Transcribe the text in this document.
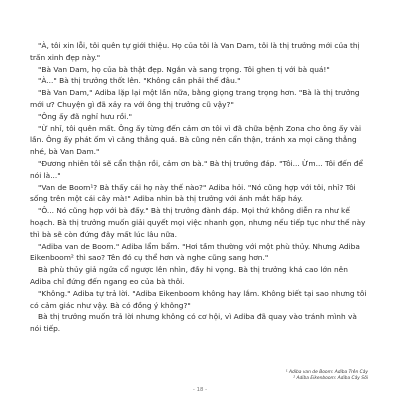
"À, tôi xin lỗi, tôi quên tự giới thiệu. Họ của tôi là Van Dam, tôi là thị trưởng mới của thị trấn xinh đẹp này."

"Bà Van Dam, họ của bà thật đẹp. Ngắn và sang trọng. Tôi ghen tị với bà quá!"

"À..." Bà thị trưởng thốt lên. "Không cần phải thế đâu."

"Bà Van Dam," Adiba lặp lại một lần nữa, bằng giọng trang trọng hơn. "Bà là thị trưởng mới ư? Chuyện gì đã xảy ra với ông thị trưởng cũ vậy?"

"Ông ấy đã nghỉ hưu rồi."

"Ừ nhỉ, tôi quên mất. Ông ấy từng đến cảm ơn tôi vì đã chữa bệnh Zona cho ông ấy vài lần. Ông ấy phát ốm vì căng thẳng quá. Bà cũng nên cẩn thận, tránh xa mọi căng thẳng nhé, bà Van Dam."

"Đương nhiên tôi sẽ cẩn thận rồi, cảm ơn bà." Bà thị trưởng đáp. "Tôi... Ừm... Tôi đến để nói là..."

"Van de Boom¹? Bà thấy cái họ này thế nào?" Adiba hỏi. "Nó cũng hợp với tôi, nhỉ? Tôi sống trên một cái cây mà!" Adiba nhìn bà thị trưởng với ánh mắt hấp háy.

"Ô... Nó cũng hợp với bà đấy." Bà thị trưởng đành đáp. Mọi thứ không diễn ra như kế hoạch. Bà thị trưởng muốn giải quyết mọi việc nhanh gọn, nhưng nếu tiếp tục như thế này thì bà sẽ còn đứng đây mất lúc lâu nữa.

"Adiba van de Boom." Adiba lẩm bẩm. "Hơi tầm thường với một phù thủy. Nhưng Adiba Eikenboom² thì sao? Tên đó cụ thể hơn và nghe cũng sang hơn."

Bà phù thủy giả ngửa cổ ngược lên nhìn, đầy hi vọng. Bà thị trưởng khá cao lớn nên Adiba chỉ đứng đến ngang eo của bà thôi.

"Không." Adiba tự trả lời. "Adiba Eikenboom không hay lắm. Không biết tại sao nhưng tôi có cảm giác như vậy. Bà có đồng ý không?"

Bà thị trưởng muốn trả lời nhưng không có cơ hội, vì Adiba đã quay vào tránh mình và nói tiếp.

¹ Adiba van de Boom: Adiba Trên Cây
² Adiba Eikenboom: Adiba Cây Sồi
- 18 -
